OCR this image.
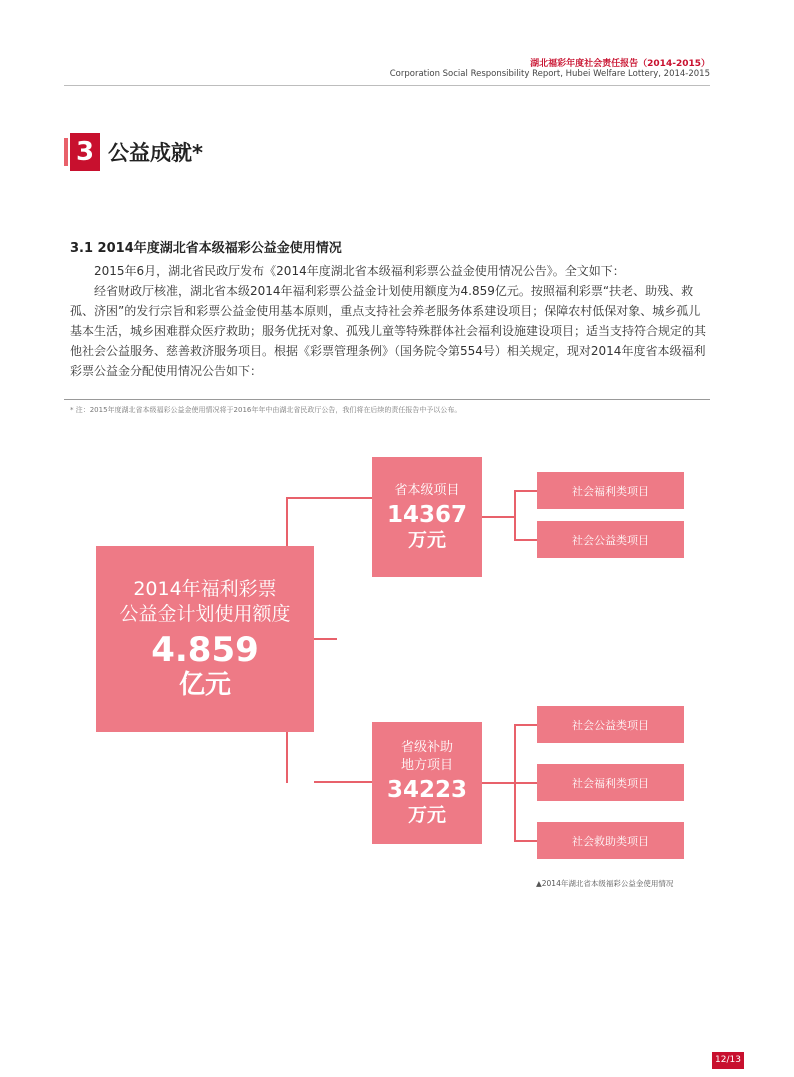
湖北福彩年度社会责任报告（2014-2015）
Corporation Social Responsibility Report, Hubei Welfare Lottery, 2014-2015
3 公益成就*
3.1 2014年度湖北省本级福彩公益金使用情况

2015年6月，湖北省民政厅发布《2014年度湖北省本级福利彩票公益金使用情况公告》。全文如下：

经省财政厅核准，湖北省本级2014年福利彩票公益金计划使用额度为4.859亿元。按照福利彩票“扶老、助残、救孤、济困”的发行宗旨和彩票公益金使用基本原则，重点支持社会养老服务体系建设项目；保障农村低保对象、城乡孤儿基本生活，城乡困难群众医疗救助；服务优抚对象、孤残儿童等特殊群体社会福利设施建设项目；适当支持符合规定的其他社会公益服务、慈善救济服务项目。根据《彩票管理条例》（国务院令第554号）相关规定，现对2014年度省本级福利彩票公益金分配使用情况公告如下：

* 注：2015年度湖北省本级福彩公益金使用情况将于2016年年中由湖北省民政厅公告，我们将在后续的责任报告中予以公布。
2014年福利彩票
公益金计划使用额度
4.859
亿元
省本级项目
14367
万元
社会福利类项目
社会公益类项目
省级补助
地方项目
34223
万元
社会公益类项目
社会福利类项目
社会救助类项目
▲2014年湖北省本级福彩公益金使用情况
12/13
